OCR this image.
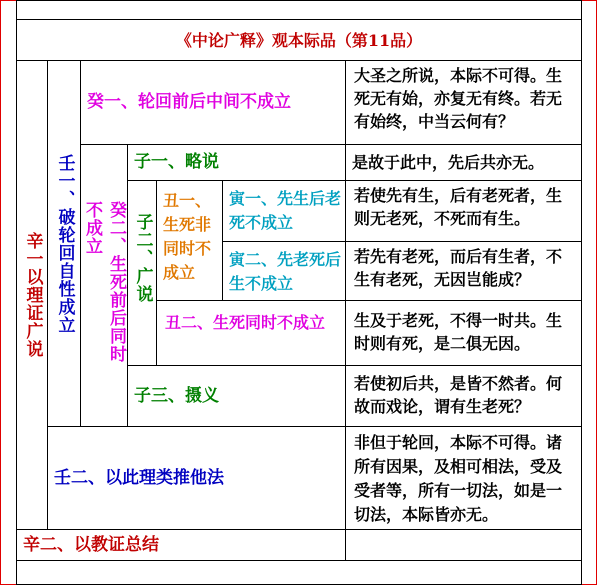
《中论广释》观本际品（第11品）
辛一以理证广说 壬一、破轮回自性成立
癸一、轮回前后中间不成立
大圣之所说，本际不可得。生死无有始，亦复无有终。若无有始终，中当云何有？
癸二、生死前后同时不成立
子一、略说	是故于此中，先后共亦无。
子二、广说
丑一、生死非同时不成立
寅一、先生后老死不成立
若使先有生，后有老死者，生则无老死，不死而有生。
寅二、先老死后生不成立
若先有老死，而后有生者，不生有老死，无因岂能成？
丑二、生死同时不成立	生及于老死，不得一时共。生时则有死，是二俱无因。
子三、摄义
若使初后共，是皆不然者。何故而戏论，谓有生老死？
壬二、以此理类推他法
非但于轮回，本际不可得。诸所有因果，及相可相法，受及受者等，所有一切法，如是一切法，本际皆亦无。
辛二、以教证总结
